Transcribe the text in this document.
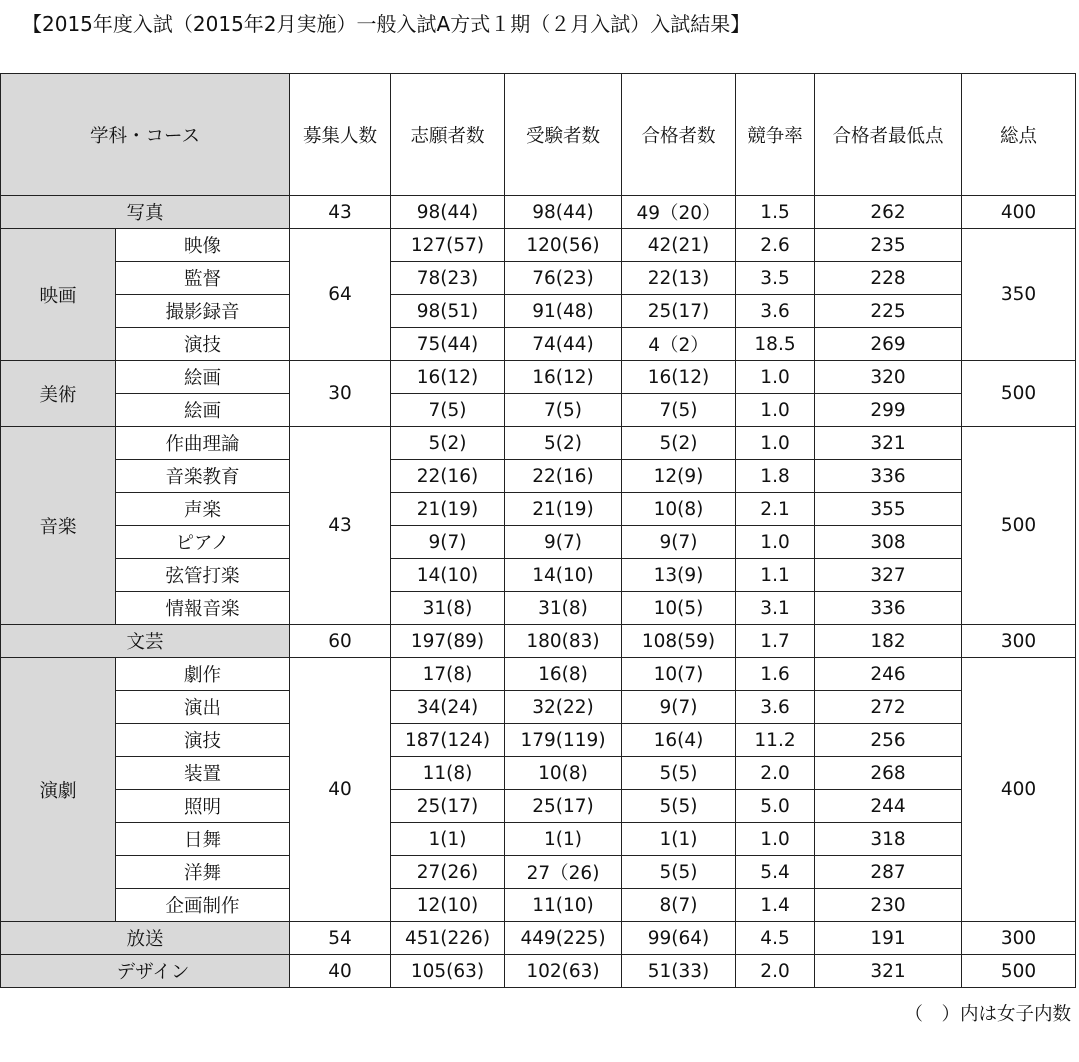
【2015年度入試（2015年2月実施）一般入試A方式１期（２月入試）入試結果】
学科・コース		募集人数	志願者数	受験者数	合格者数	競争率	合格者最低点	総点
写真		43	98(44)	98(44)	49（20）	1.5	262	400
映画	映像	64	127(57)	120(56)	42(21)	2.6	235	350
	監督		78(23)	76(23)	22(13)	3.5	228	
	撮影録音		98(51)	91(48)	25(17)	3.6	225	
	演技		75(44)	74(44)	4（2）	18.5	269	
美術	絵画	30	16(12)	16(12)	16(12)	1.0	320	500
	絵画		7(5)	7(5)	7(5)	1.0	299	
音楽	作曲理論	43	5(2)	5(2)	5(2)	1.0	321	500
	音楽教育		22(16)	22(16)	12(9)	1.8	336	
	声楽		21(19)	21(19)	10(8)	2.1	355	
	ピアノ		9(7)	9(7)	9(7)	1.0	308	
	弦管打楽		14(10)	14(10)	13(9)	1.1	327	
	情報音楽		31(8)	31(8)	10(5)	3.1	336	
文芸		60	197(89)	180(83)	108(59)	1.7	182	300
演劇	劇作	40	17(8)	16(8)	10(7)	1.6	246	400
	演出		34(24)	32(22)	9(7)	3.6	272	
	演技		187(124)	179(119)	16(4)	11.2	256	
	装置		11(8)	10(8)	5(5)	2.0	268	
	照明		25(17)	25(17)	5(5)	5.0	244	
	日舞		1(1)	1(1)	1(1)	1.0	318	
	洋舞		27(26)	27（26)	5(5)	5.4	287	
	企画制作		12(10)	11(10)	8(7)	1.4	230	
放送		54	451(226)	449(225)	99(64)	4.5	191	300
デザイン		40	105(63)	102(63)	51(33)	2.0	321	500
（　）内は女子内数
